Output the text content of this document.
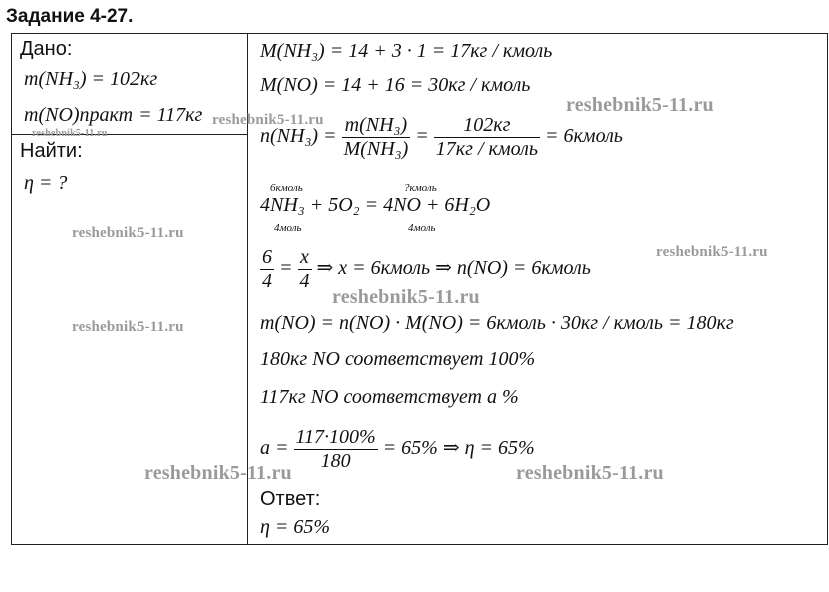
Задание 4-27.
Дано:
m(NH₃) = 102кг
m(NO)практ = 117кг
Найти:
η = ?
M(NH₃) = 14 + 3 · 1 = 17кг / кмоль
M(NO) = 14 + 16 = 30кг / кмоль
$n(NH_3) = \frac{\text{m(NH₃)}}{\text{M(NH₃)}} = \frac{102кг}{\text{17кг / кмоль}}$ = 6кмоль
6кмоль	?кмоль
4NH₃ + 5O₂ = 4NO + 6H₂O
4моль	4моль
$\frac{6}{4} = \frac{x}{4}$ ⇒ x = 6кмоль ⇒ n(NO) = 6кмоль
m(NO) = n(NO) · M(NO) = 6кмоль · 30кг / кмоль = 180кг
180кг NO соответствует 100%
117кг NO соответствует a %
$a = \frac{117\cdot 100\%}{180} = 65\%$ ⇒ η = 65%
Ответ:
η = 65%
reshebnik5-11.ru
reshebnik5-11.ru
reshebnik5-11.ru
reshebnik5-11.ru
reshebnik5-11.ru
reshebnik5-11.ru
reshebnik5-11.ru
reshebnik5-11.ru	reshebnik5-11.ru
